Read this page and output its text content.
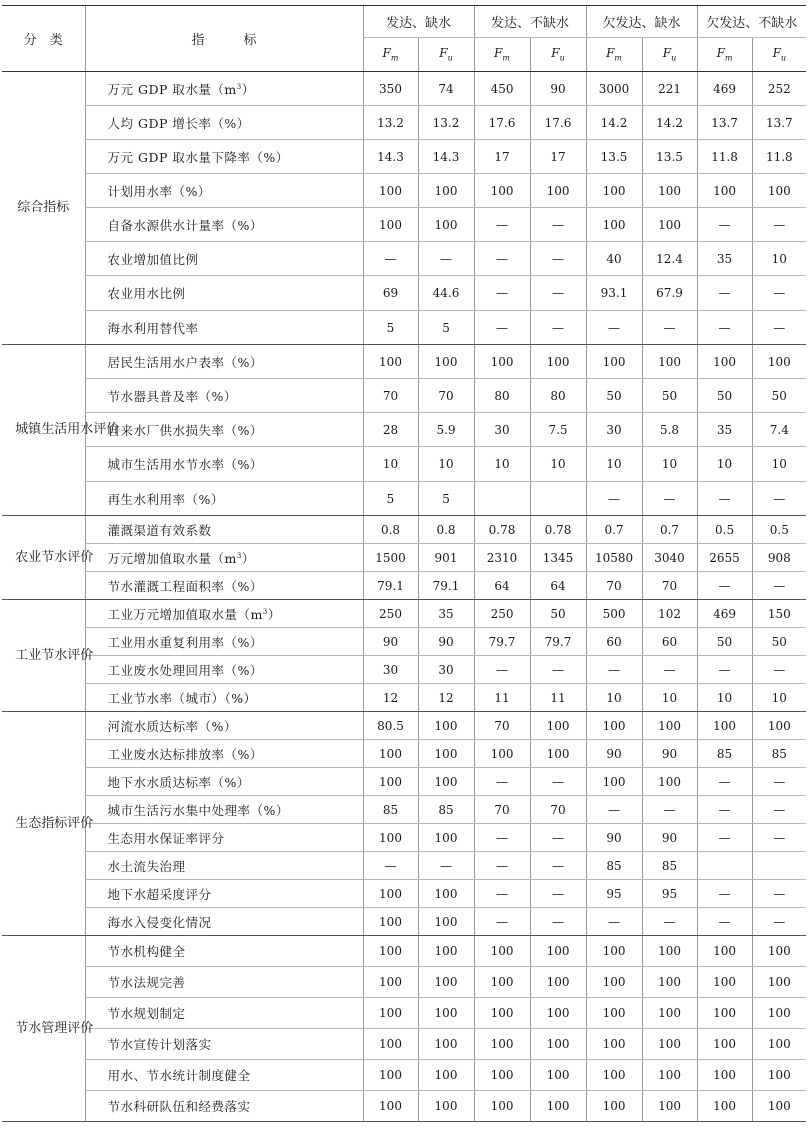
分　类	指　　　标	发达、缺水		发达、不缺水		欠发达、缺水		欠发达、不缺水	
		$F_m$	$F_u$	$F_m$	$F_u$	$F_m$	$F_u$	$F_m$	$F_u$

综合指标	万元 GDP 取水量$(m^3)$	350	74	450	90	3000	221	469	252
	人均 GDP 增长率（%）	13.2	13.2	17.6	17.6	14.2	14.2	13.7	13.7
	万元 GDP 取水量下降率（%）	14.3	14.3	17	17	13.5	13.5	11.8	11.8
	计划用水率（%）	100	100	100	100	100	100	100	100
	自备水源供水计量率（%）	100	100	—	—	100	100	—	—
	农业增加值比例	—	—	—	—	40	12.4	35	10
	农业用水比例	69	44.6	—	—	93.1	67.9	—	—
	海水利用替代率	5	5	—	—	—	—	—	—

城镇生活用水评价	居民生活用水户表率（%）	100	100	100	100	100	100	100	100
	节水器具普及率（%）	70	70	80	80	50	50	50	50
	自来水厂供水损失率（%）	28	5.9	30	7.5	30	5.8	35	7.4
	城市生活用水节水率（%）	10	10	10	10	10	10	10	10
	再生水利用率（%）	5	5			—	—	—	—

农业节水评价	灌溉渠道有效系数	0.8	0.8	0.78	0.78	0.7	0.7	0.5	0.5
	万元增加值取水量$(m^3)$	1500	901	2310	1345	10580	3040	2655	908
	节水灌溉工程面积率（%）	79.1	79.1	64	64	70	70	—	—

工业节水评价	工业万元增加值取水量$(m^3)$	250	35	250	50	500	102	469	150
	工业用水重复利用率（%）	90	90	79.7	79.7	60	60	50	50
	工业废水处理回用率（%）	30	30	—	—	—	—	—	—
	工业节水率（城市）（%）	12	12	11	11	10	10	10	10

生态指标评价	河流水质达标率（%）	80.5	100	70	100	100	100	100	100
	工业废水达标排放率（%）	100	100	100	100	90	90	85	85
	地下水水质达标率（%）	100	100	—	—	100	100	—	—
	城市生活污水集中处理率（%）	85	85	70	70	—	—	—	—
	生态用水保证率评分	100	100	—	—	90	90	—	—
	水土流失治理	—	—	—	—	85	85		
	地下水超采度评分	100	100	—	—	95	95	—	—
	海水入侵变化情况	100	100	—	—	—	—	—	—

节水管理评价	节水机构健全	100	100	100	100	100	100	100	100
	节水法规完善	100	100	100	100	100	100	100	100
	节水规划制定	100	100	100	100	100	100	100	100
	节水宣传计划落实	100	100	100	100	100	100	100	100
	用水、节水统计制度健全	100	100	100	100	100	100	100	100
	节水科研队伍和经费落实	100	100	100	100	100	100	100	100
